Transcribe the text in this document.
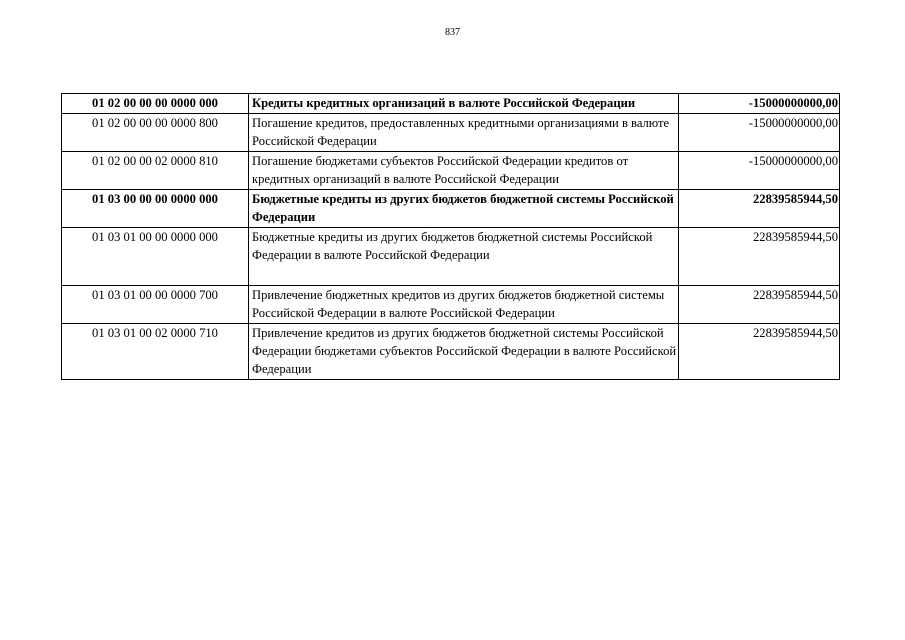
837
01 02 00 00 00 0000 000	Кредиты кредитных организаций в валюте Российской Федерации	-15000000000,00
01 02 00 00 00 0000 800	Погашение кредитов, предоставленных кредитными организациями в валюте Российской Федерации	-15000000000,00
01 02 00 00 02 0000 810	Погашение бюджетами субъектов Российской Федерации кредитов от кредитных организаций в валюте Российской Федерации	-15000000000,00
01 03 00 00 00 0000 000	Бюджетные кредиты из других бюджетов бюджетной системы Российской Федерации	22839585944,50
01 03 01 00 00 0000 000	Бюджетные кредиты из других бюджетов бюджетной системы Российской Федерации в валюте Российской Федерации	22839585944,50
01 03 01 00 00 0000 700	Привлечение бюджетных кредитов из других бюджетов бюджетной системы Российской Федерации в валюте Российской Федерации	22839585944,50
01 03 01 00 02 0000 710	Привлечение кредитов из других бюджетов бюджетной системы Российской Федерации бюджетами субъектов Российской Федерации в валюте Российской Федерации	22839585944,50
